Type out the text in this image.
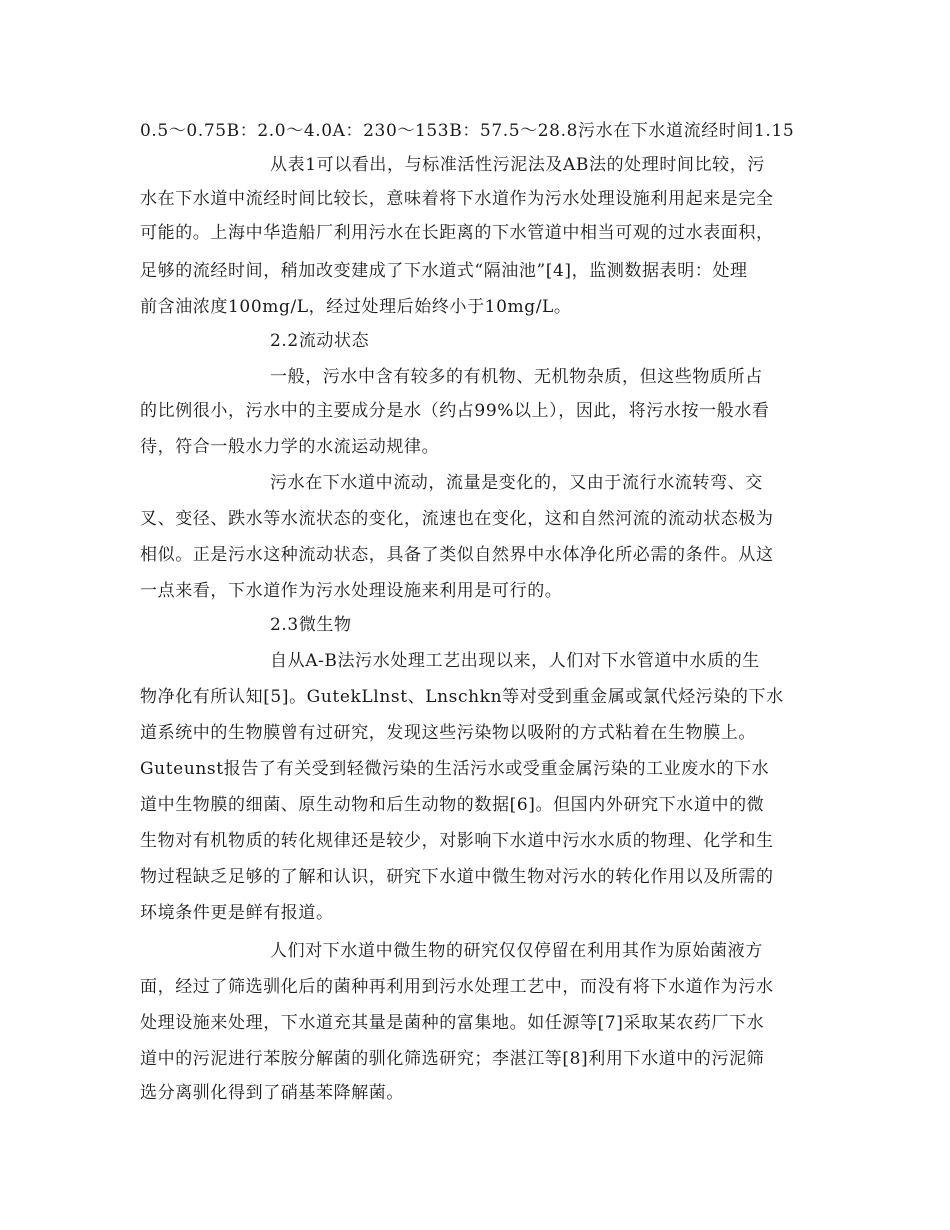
0.5～0.75B：2.0～4.0A：230～153B：57.5～28.8污水在下水道流经时间1.15
从表1可以看出，与标准活性污泥法及AB法的处理时间比较，污
水在下水道中流经时间比较长，意味着将下水道作为污水处理设施利用起来是完全
可能的。上海中华造船厂利用污水在长距离的下水管道中相当可观的过水表面积，
足够的流经时间，稍加改变建成了下水道式“隔油池”[4]，监测数据表明：处理
前含油浓度100mg/L，经过处理后始终小于10mg/L。
2.2流动状态
一般，污水中含有较多的有机物、无机物杂质，但这些物质所占
的比例很小，污水中的主要成分是水（约占99%以上），因此，将污水按一般水看
待，符合一般水力学的水流运动规律。
污水在下水道中流动，流量是变化的，又由于流行水流转弯、交
叉、变径、跌水等水流状态的变化，流速也在变化，这和自然河流的流动状态极为
相似。正是污水这种流动状态，具备了类似自然界中水体净化所必需的条件。从这
一点来看，下水道作为污水处理设施来利用是可行的。
2.3微生物
自从A-B法污水处理工艺出现以来，人们对下水管道中水质的生
物净化有所认知[5]。GutekLlnst、Lnschkn等对受到重金属或氯代烃污染的下水
道系统中的生物膜曾有过研究，发现这些污染物以吸附的方式粘着在生物膜上。
Guteunst报告了有关受到轻微污染的生活污水或受重金属污染的工业废水的下水
道中生物膜的细菌、原生动物和后生动物的数据[6]。但国内外研究下水道中的微
生物对有机物质的转化规律还是较少，对影响下水道中污水水质的物理、化学和生
物过程缺乏足够的了解和认识，研究下水道中微生物对污水的转化作用以及所需的
环境条件更是鲜有报道。
人们对下水道中微生物的研究仅仅停留在利用其作为原始菌液方
面，经过了筛选驯化后的菌种再利用到污水处理工艺中，而没有将下水道作为污水
处理设施来处理，下水道充其量是菌种的富集地。如任源等[7]采取某农药厂下水
道中的污泥进行苯胺分解菌的驯化筛选研究；李湛江等[8]利用下水道中的污泥筛
选分离驯化得到了硝基苯降解菌。
